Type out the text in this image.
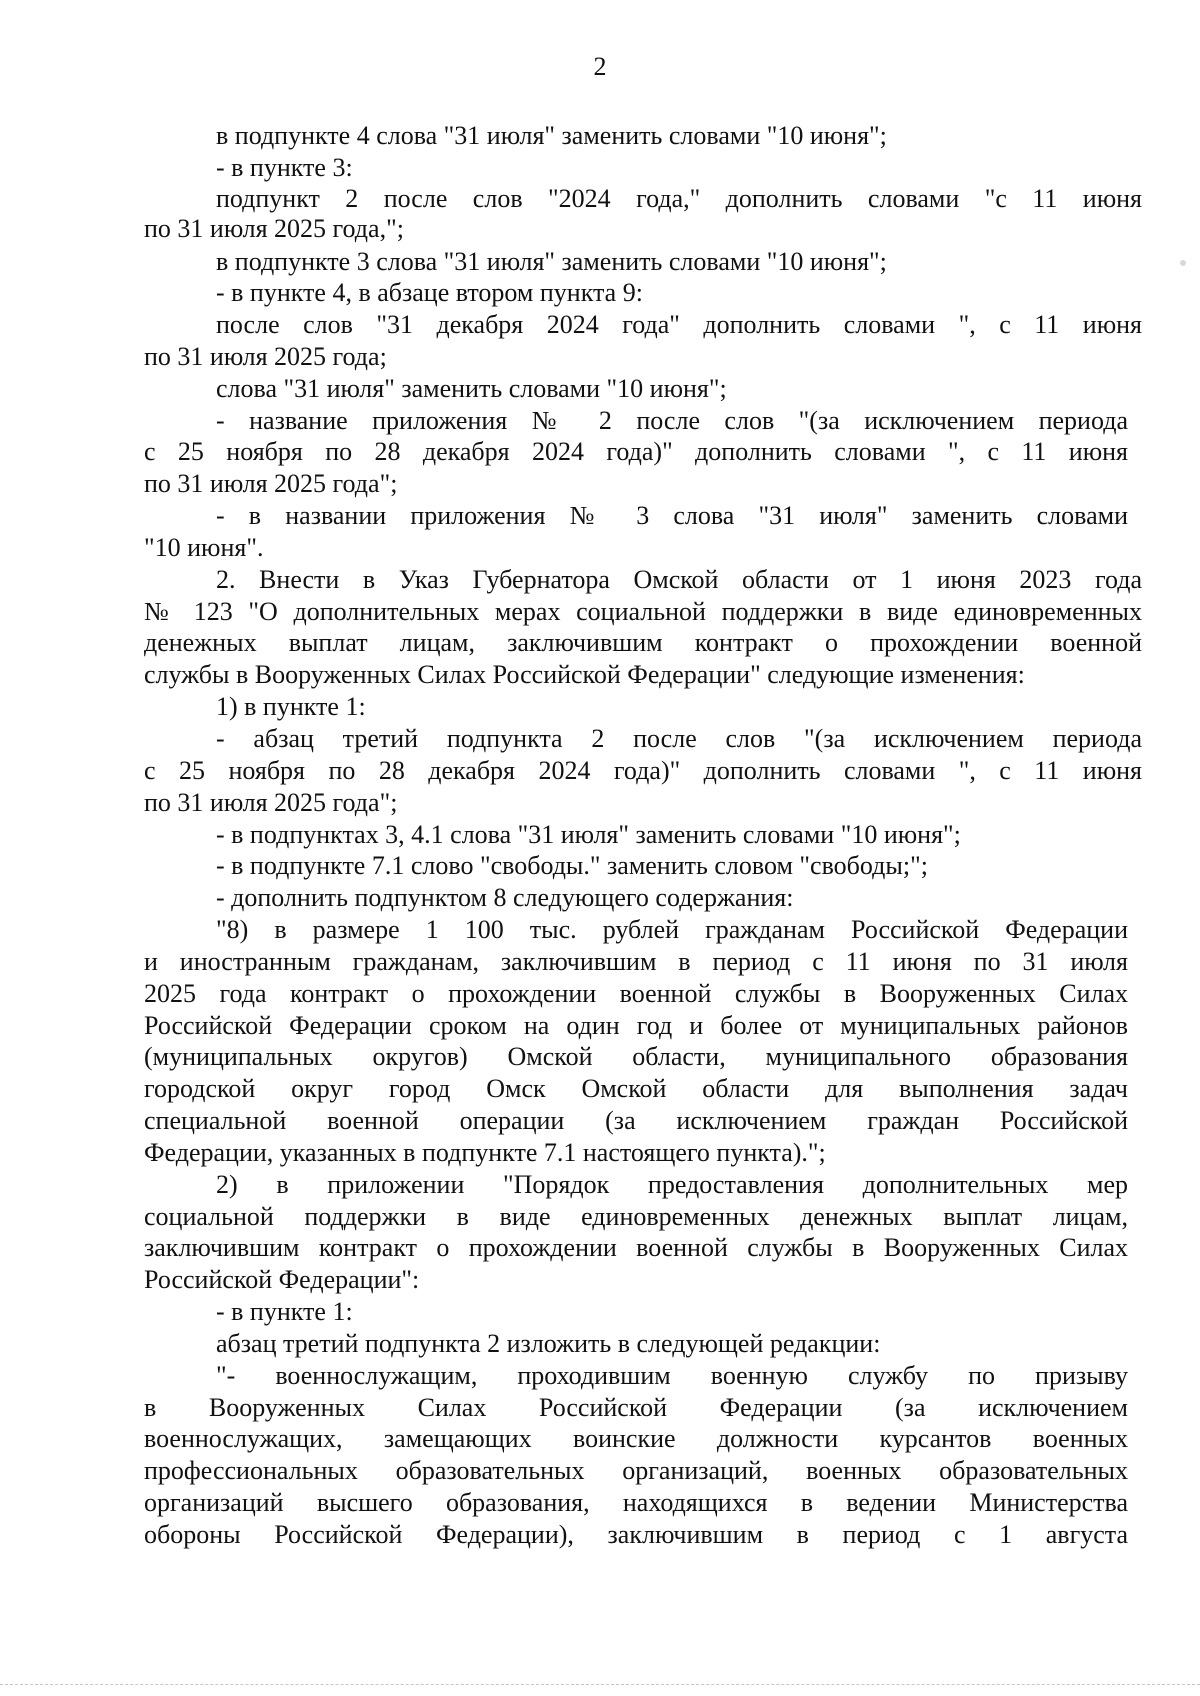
2
в подпункте 4 слова "31 июля" заменить словами "10 июня";
- в пункте 3:
подпункт 2 после слов "2024 года," дополнить словами "с 11 июня
по 31 июля 2025 года,";
в подпункте 3 слова "31 июля" заменить словами "10 июня";
- в пункте 4, в абзаце втором пункта 9:
после слов "31 декабря 2024 года" дополнить словами ", с 11 июня
по 31 июля 2025 года;
слова "31 июля" заменить словами "10 июня";
- название приложения № 2 после слов "(за исключением периода
с 25 ноября по 28 декабря 2024 года)" дополнить словами ", с 11 июня
по 31 июля 2025 года";
- в названии приложения № 3 слова "31 июля" заменить словами
"10 июня".
2. Внести в Указ Губернатора Омской области от 1 июня 2023 года
№ 123 "О дополнительных мерах социальной поддержки в виде единовременных
денежных выплат лицам, заключившим контракт о прохождении военной
службы в Вооруженных Силах Российской Федерации" следующие изменения:
1) в пункте 1:
- абзац третий подпункта 2 после слов "(за исключением периода
с 25 ноября по 28 декабря 2024 года)" дополнить словами ", с 11 июня
по 31 июля 2025 года";
- в подпунктах 3, 4.1 слова "31 июля" заменить словами "10 июня";
- в подпункте 7.1 слово "свободы." заменить словом "свободы;";
- дополнить подпунктом 8 следующего содержания:
"8) в размере 1 100 тыс. рублей гражданам Российской Федерации
и иностранным гражданам, заключившим в период с 11 июня по 31 июля
2025 года контракт о прохождении военной службы в Вооруженных Силах
Российской Федерации сроком на один год и более от муниципальных районов
(муниципальных округов) Омской области, муниципального образования
городской округ город Омск Омской области для выполнения задач
специальной военной операции (за исключением граждан Российской
Федерации, указанных в подпункте 7.1 настоящего пункта).";
2) в приложении "Порядок предоставления дополнительных мер
социальной поддержки в виде единовременных денежных выплат лицам,
заключившим контракт о прохождении военной службы в Вооруженных Силах
Российской Федерации":
- в пункте 1:
абзац третий подпункта 2 изложить в следующей редакции:
"- военнослужащим, проходившим военную службу по призыву
в Вооруженных Силах Российской Федерации (за исключением
военнослужащих, замещающих воинские должности курсантов военных
профессиональных образовательных организаций, военных образовательных
организаций высшего образования, находящихся в ведении Министерства
обороны Российской Федерации), заключившим в период с 1 августа
